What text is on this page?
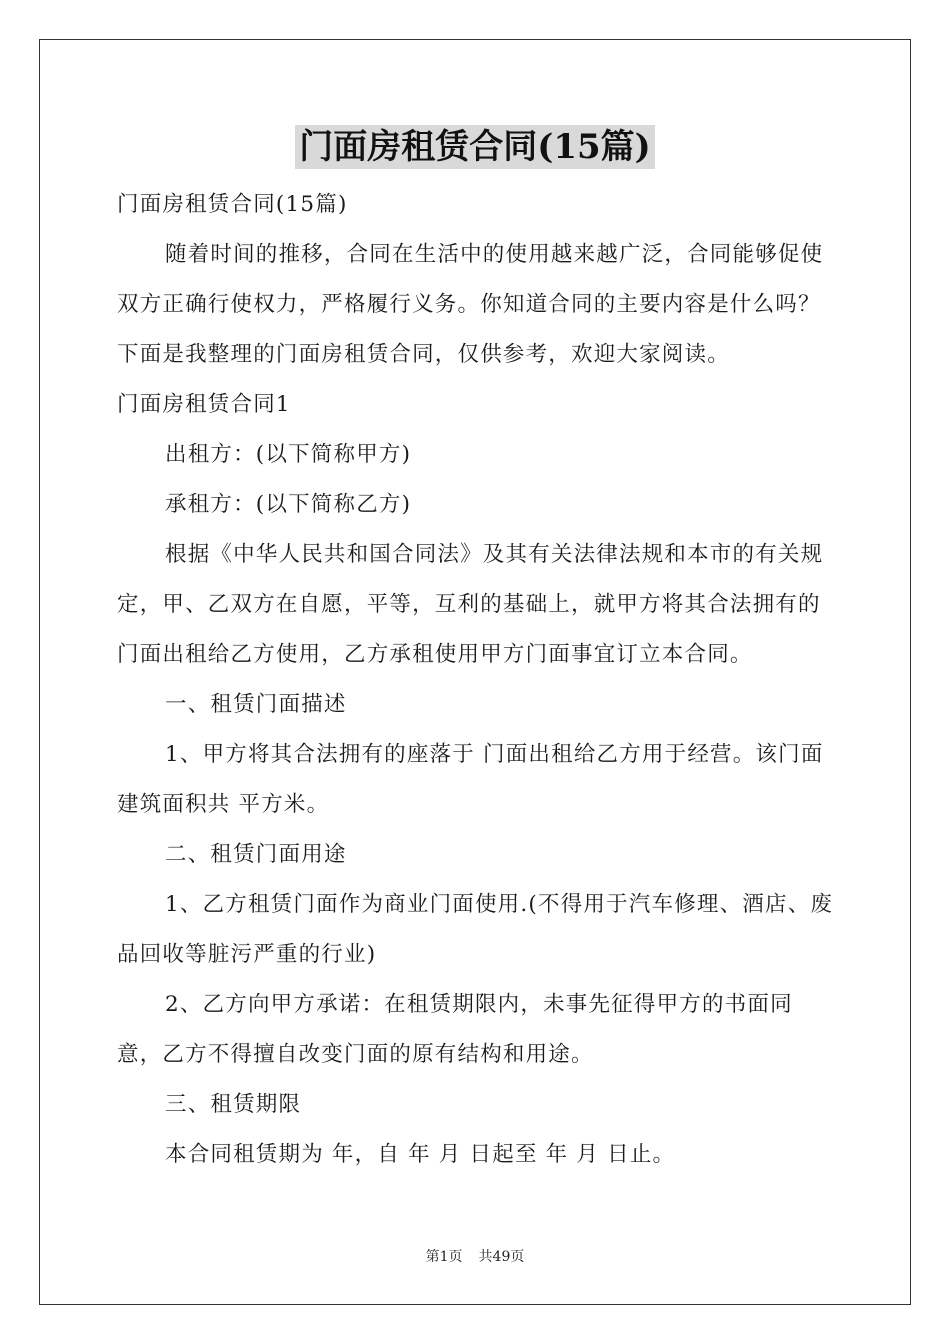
门面房租赁合同(15篇)

门面房租赁合同(15篇)

随着时间的推移，合同在生活中的使用越来越广泛，合同能够促使双方正确行使权力，严格履行义务。你知道合同的主要内容是什么吗？下面是我整理的门面房租赁合同，仅供参考，欢迎大家阅读。

门面房租赁合同1

出租方：(以下简称甲方)

承租方：(以下简称乙方)

根据《中华人民共和国合同法》及其有关法律法规和本市的有关规定，甲、乙双方在自愿，平等，互利的基础上，就甲方将其合法拥有的门面出租给乙方使用，乙方承租使用甲方门面事宜订立本合同。

一、租赁门面描述

1、甲方将其合法拥有的座落于 门面出租给乙方用于经营。该门面建筑面积共 平方米。

二、租赁门面用途

1、乙方租赁门面作为商业门面使用.(不得用于汽车修理、酒店、废品回收等脏污严重的行业)

2、乙方向甲方承诺：在租赁期限内，未事先征得甲方的书面同意，乙方不得擅自改变门面的原有结构和用途。

三、租赁期限

本合同租赁期为 年，自 年 月 日起至 年 月 日止。

第1页 共49页
